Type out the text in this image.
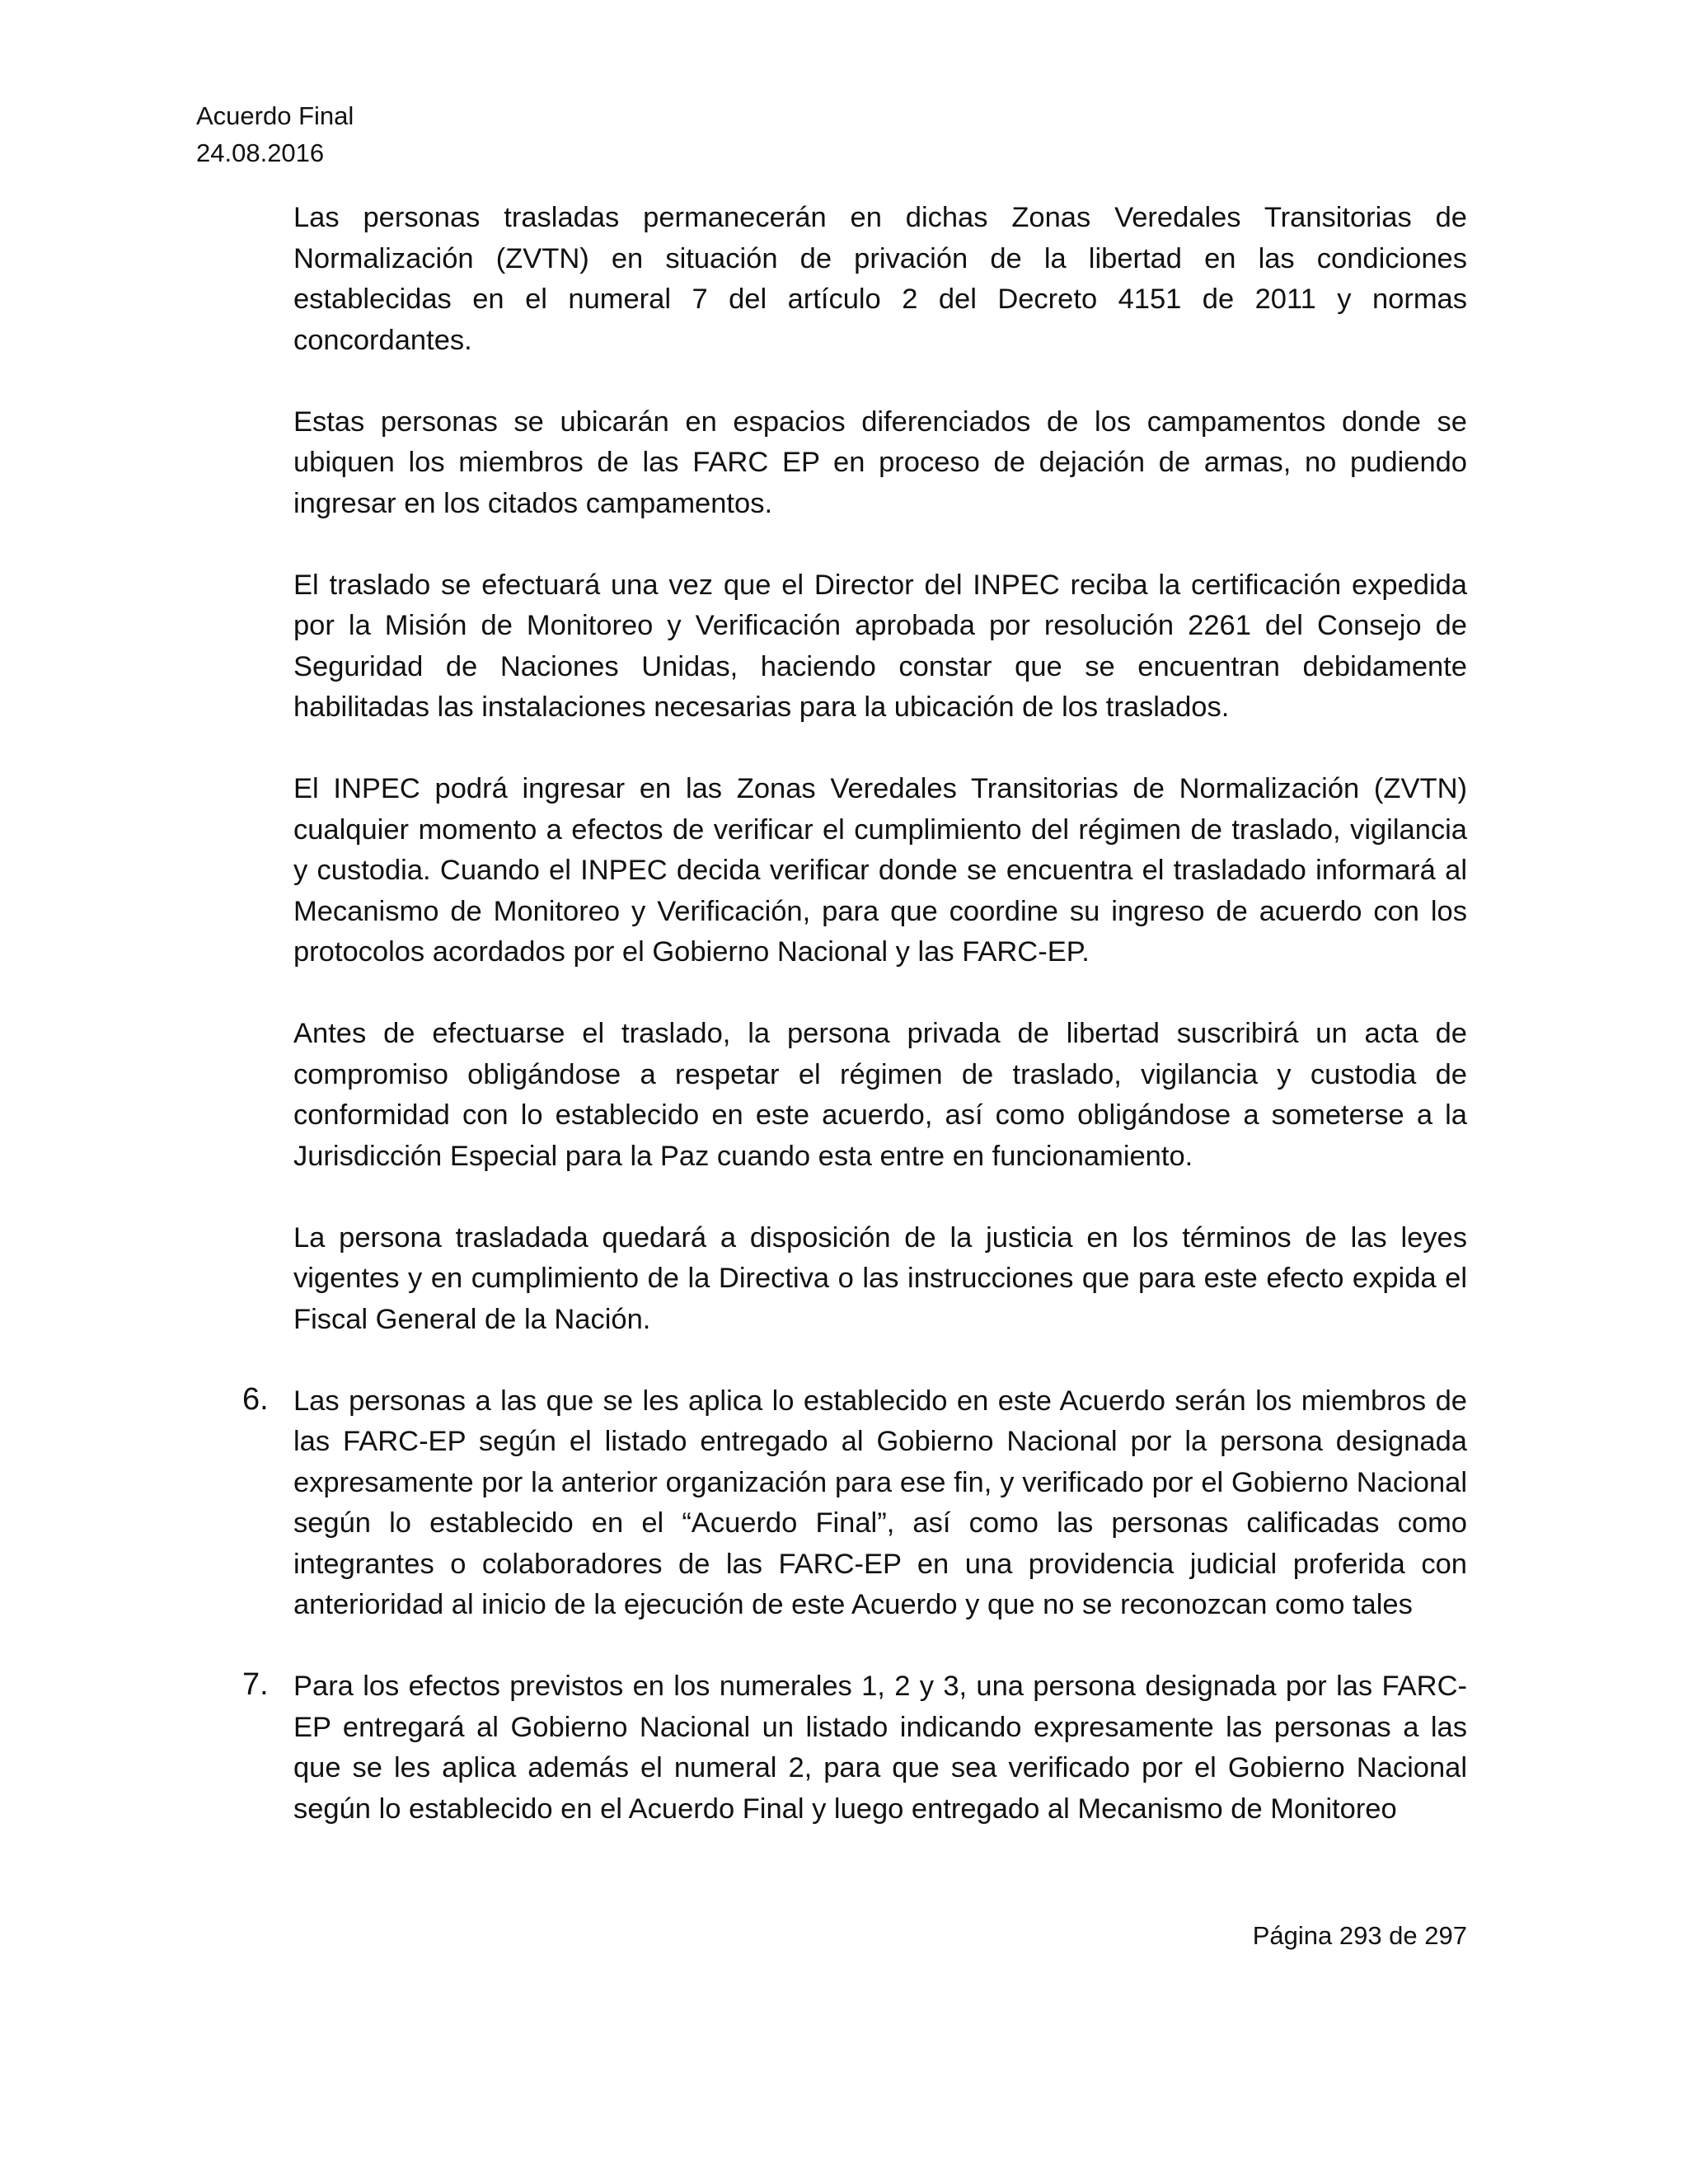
Acuerdo Final
24.08.2016

Las personas trasladas permanecerán en dichas Zonas Veredales Transitorias de Normalización (ZVTN) en situación de privación de la libertad en las condiciones establecidas en el numeral 7 del artículo 2 del Decreto 4151 de 2011 y normas concordantes.

Estas personas se ubicarán en espacios diferenciados de los campamentos donde se ubiquen los miembros de las FARC EP en proceso de dejación de armas, no pudiendo ingresar en los citados campamentos.

El traslado se efectuará una vez que el Director del INPEC reciba la certificación expedida por la Misión de Monitoreo y Verificación aprobada por resolución 2261 del Consejo de Seguridad de Naciones Unidas, haciendo constar que se encuentran debidamente habilitadas las instalaciones necesarias para la ubicación de los traslados.

El INPEC podrá ingresar en las Zonas Veredales Transitorias de Normalización (ZVTN) cualquier momento a efectos de verificar el cumplimiento del régimen de traslado, vigilancia y custodia. Cuando el INPEC decida verificar donde se encuentra el trasladado informará al Mecanismo de Monitoreo y Verificación, para que coordine su ingreso de acuerdo con los protocolos acordados por el Gobierno Nacional y las FARC-EP.

Antes de efectuarse el traslado, la persona privada de libertad suscribirá un acta de compromiso obligándose a respetar el régimen de traslado, vigilancia y custodia de conformidad con lo establecido en este acuerdo, así como obligándose a someterse a la Jurisdicción Especial para la Paz cuando esta entre en funcionamiento.

La persona trasladada quedará a disposición de la justicia en los términos de las leyes vigentes y en cumplimiento de la Directiva o las instrucciones que para este efecto expida el Fiscal General de la Nación.

6. Las personas a las que se les aplica lo establecido en este Acuerdo serán los miembros de las FARC-EP según el listado entregado al Gobierno Nacional por la persona designada expresamente por la anterior organización para ese fin, y verificado por el Gobierno Nacional según lo establecido en el “Acuerdo Final”, así como las personas calificadas como integrantes o colaboradores de las FARC-EP en una providencia judicial proferida con anterioridad al inicio de la ejecución de este Acuerdo y que no se reconozcan como tales
7. Para los efectos previstos en los numerales 1, 2 y 3, una persona designada por las FARC-EP entregará al Gobierno Nacional un listado indicando expresamente las personas a las que se les aplica además el numeral 2, para que sea verificado por el Gobierno Nacional según lo establecido en el Acuerdo Final y luego entregado al Mecanismo de Monitoreo
Página 293 de 297
